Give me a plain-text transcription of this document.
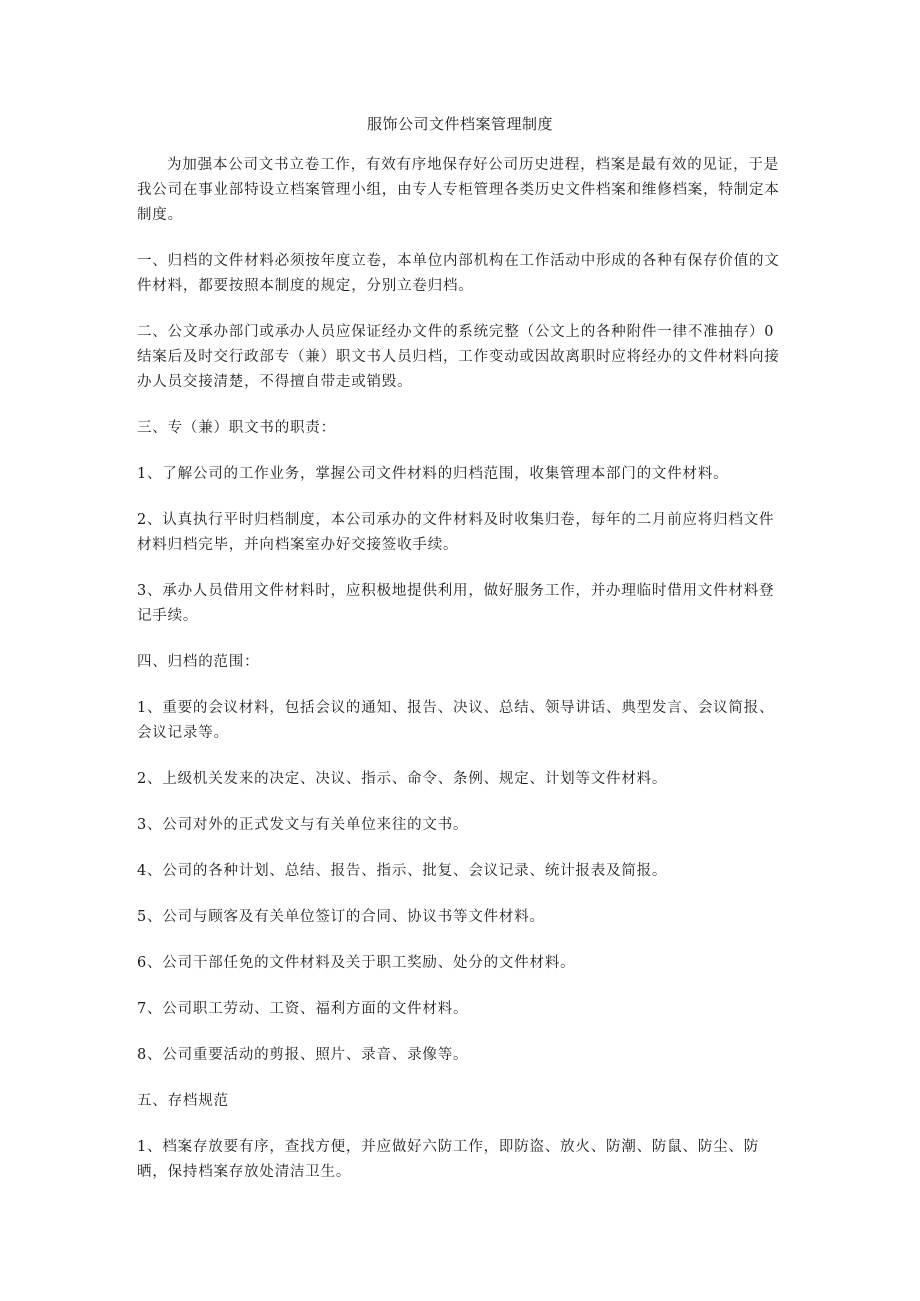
服饰公司文件档案管理制度

为加强本公司文书立卷工作，有效有序地保存好公司历史进程，档案是最有效的见证，于是我公司在事业部特设立档案管理小组，由专人专柜管理各类历史文件档案和维修档案，特制定本制度。

一、归档的文件材料必须按年度立卷，本单位内部机构在工作活动中形成的各种有保存价值的文件材料，都要按照本制度的规定，分别立卷归档。

二、公文承办部门或承办人员应保证经办文件的系统完整（公文上的各种附件一律不准抽存）0结案后及时交行政部专（兼）职文书人员归档，工作变动或因故离职时应将经办的文件材料向接办人员交接清楚，不得擅自带走或销毁。

三、专（兼）职文书的职责：

1、了解公司的工作业务，掌握公司文件材料的归档范围，收集管理本部门的文件材料。

2、认真执行平时归档制度，本公司承办的文件材料及时收集归卷，每年的二月前应将归档文件材料归档完毕，并向档案室办好交接签收手续。

3、承办人员借用文件材料时，应积极地提供利用，做好服务工作，并办理临时借用文件材料登记手续。

四、归档的范围：

1、重要的会议材料，包括会议的通知、报告、决议、总结、领导讲话、典型发言、会议简报、会议记录等。

2、上级机关发来的决定、决议、指示、命令、条例、规定、计划等文件材料。

3、公司对外的正式发文与有关单位来往的文书。

4、公司的各种计划、总结、报告、指示、批复、会议记录、统计报表及简报。

5、公司与顾客及有关单位签订的合同、协议书等文件材料。

6、公司干部任免的文件材料及关于职工奖励、处分的文件材料。

7、公司职工劳动、工资、福利方面的文件材料。

8、公司重要活动的剪报、照片、录音、录像等。

五、存档规范

1、档案存放要有序，查找方便，并应做好六防工作，即防盗、放火、防潮、防鼠、防尘、防晒，保持档案存放处清洁卫生。
